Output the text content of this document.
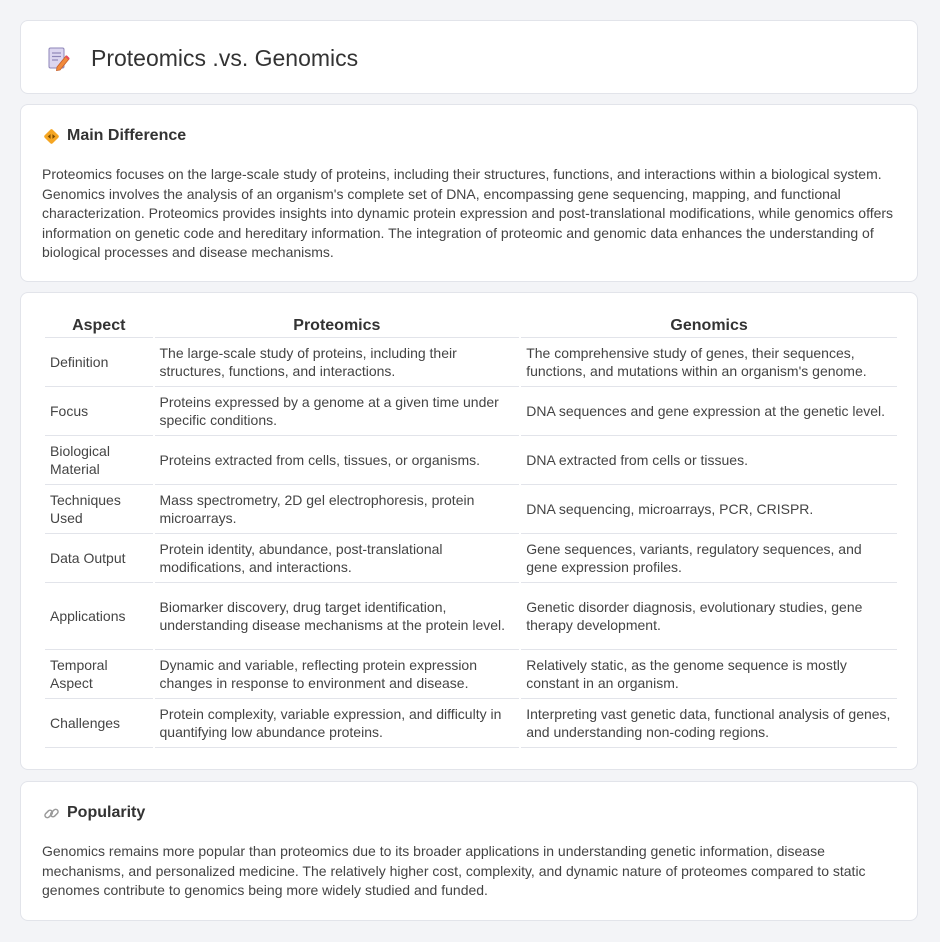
Proteomics .vs. Genomics
Main Difference

Proteomics focuses on the large-scale study of proteins, including their structures, functions, and interactions within a biological system. Genomics involves the analysis of an organism's complete set of DNA, encompassing gene sequencing, mapping, and functional characterization. Proteomics provides insights into dynamic protein expression and post-translational modifications, while genomics offers information on genetic code and hereditary information. The integration of proteomic and genomic data enhances the understanding of biological processes and disease mechanisms.

Aspect	Proteomics	Genomics
Definition	The large-scale study of proteins, including their structures, functions, and interactions.	The comprehensive study of genes, their sequences, functions, and mutations within an organism's genome.
Focus	Proteins expressed by a genome at a given time under specific conditions.	DNA sequences and gene expression at the genetic level.
Biological Material	Proteins extracted from cells, tissues, or organisms.	DNA extracted from cells or tissues.
Techniques Used	Mass spectrometry, 2D gel electrophoresis, protein microarrays.	DNA sequencing, microarrays, PCR, CRISPR.
Data Output	Protein identity, abundance, post-translational modifications, and interactions.	Gene sequences, variants, regulatory sequences, and gene expression profiles.
Applications	Biomarker discovery, drug target identification, understanding disease mechanisms at the protein level.	Genetic disorder diagnosis, evolutionary studies, gene therapy development.
Temporal Aspect	Dynamic and variable, reflecting protein expression changes in response to environment and disease.	Relatively static, as the genome sequence is mostly constant in an organism.
Challenges	Protein complexity, variable expression, and difficulty in quantifying low abundance proteins.	Interpreting vast genetic data, functional analysis of genes, and understanding non-coding regions.
Popularity

Genomics remains more popular than proteomics due to its broader applications in understanding genetic information, disease mechanisms, and personalized medicine. The relatively higher cost, complexity, and dynamic nature of proteomes compared to static genomes contribute to genomics being more widely studied and funded.
